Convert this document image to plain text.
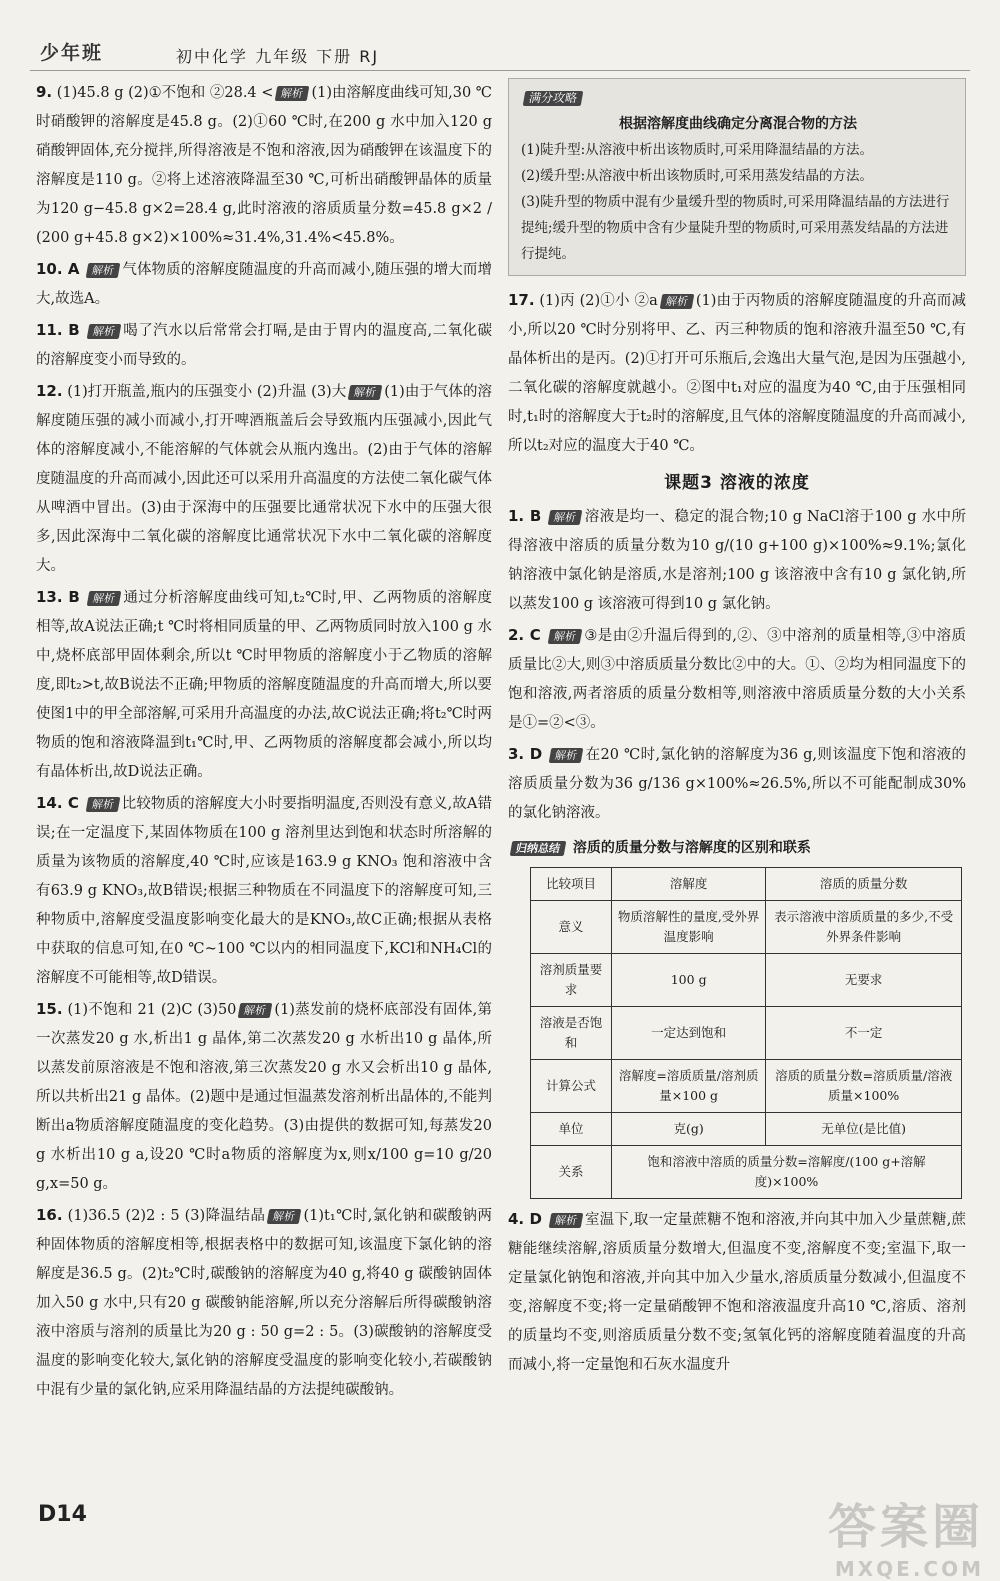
少年班	初中化学 九年级 下册 RJ
9. (1)45.8 g (2)①不饱和 ②28.4 < 解析 (1)由溶解度曲线可知,30 ℃时硝酸钾的溶解度是45.8 g。(2)①60 ℃时,在200 g 水中加入120 g 硝酸钾固体,充分搅拌,所得溶液是不饱和溶液,因为硝酸钾在该温度下的溶解度是110 g。②将上述溶液降温至30 ℃,可析出硝酸钾晶体的质量为120 g−45.8 g×2=28.4 g,此时溶液的溶质质量分数=45.8 g×2 / (200 g+45.8 g×2)×100%≈31.4%,31.4%<45.8%。
10. A 解析 气体物质的溶解度随温度的升高而减小,随压强的增大而增大,故选A。
11. B 解析 喝了汽水以后常常会打嗝,是由于胃内的温度高,二氧化碳的溶解度变小而导致的。
12. (1)打开瓶盖,瓶内的压强变小 (2)升温 (3)大 解析 (1)由于气体的溶解度随压强的减小而减小,打开啤酒瓶盖后会导致瓶内压强减小,因此气体的溶解度减小,不能溶解的气体就会从瓶内逸出。(2)由于气体的溶解度随温度的升高而减小,因此还可以采用升高温度的方法使二氧化碳气体从啤酒中冒出。(3)由于深海中的压强要比通常状况下水中的压强大很多,因此深海中二氧化碳的溶解度比通常状况下水中二氧化碳的溶解度大。
13. B 解析 通过分析溶解度曲线可知,t₂℃时,甲、乙两物质的溶解度相等,故A说法正确;t ℃时将相同质量的甲、乙两物质同时放入100 g 水中,烧杯底部甲固体剩余,所以t ℃时甲物质的溶解度小于乙物质的溶解度,即t₂>t,故B说法不正确;甲物质的溶解度随温度的升高而增大,所以要使图1中的甲全部溶解,可采用升高温度的办法,故C说法正确;将t₂℃时两物质的饱和溶液降温到t₁℃时,甲、乙两物质的溶解度都会减小,所以均有晶体析出,故D说法正确。
14. C 解析 比较物质的溶解度大小时要指明温度,否则没有意义,故A错误;在一定温度下,某固体物质在100 g 溶剂里达到饱和状态时所溶解的质量为该物质的溶解度,40 ℃时,应该是163.9 g KNO₃ 饱和溶液中含有63.9 g KNO₃,故B错误;根据三种物质在不同温度下的溶解度可知,三种物质中,溶解度受温度影响变化最大的是KNO₃,故C正确;根据从表格中获取的信息可知,在0 ℃~100 ℃以内的相同温度下,KCl和NH₄Cl的溶解度不可能相等,故D错误。
15. (1)不饱和 21 (2)C (3)50 解析 (1)蒸发前的烧杯底部没有固体,第一次蒸发20 g 水,析出1 g 晶体,第二次蒸发20 g 水析出10 g 晶体,所以蒸发前原溶液是不饱和溶液,第三次蒸发20 g 水又会析出10 g 晶体,所以共析出21 g 晶体。(2)题中是通过恒温蒸发溶剂析出晶体的,不能判断出a物质溶解度随温度的变化趋势。(3)由提供的数据可知,每蒸发20 g 水析出10 g a,设20 ℃时a物质的溶解度为x,则x/100 g=10 g/20 g,x=50 g。
16. (1)36.5 (2)2 : 5 (3)降温结晶 解析 (1)t₁℃时,氯化钠和碳酸钠两种固体物质的溶解度相等,根据表格中的数据可知,该温度下氯化钠的溶解度是36.5 g。(2)t₂℃时,碳酸钠的溶解度为40 g,将40 g 碳酸钠固体加入50 g 水中,只有20 g 碳酸钠能溶解,所以充分溶解后所得碳酸钠溶液中溶质与溶剂的质量比为20 g : 50 g=2 : 5。(3)碳酸钠的溶解度受温度的影响变化较大,氯化钠的溶解度受温度的影响变化较小,若碳酸钠中混有少量的氯化钠,应采用降温结晶的方法提纯碳酸钠。
满分攻略
根据溶解度曲线确定分离混合物的方法
(1)陡升型:从溶液中析出该物质时,可采用降温结晶的方法。
(2)缓升型:从溶液中析出该物质时,可采用蒸发结晶的方法。
(3)陡升型的物质中混有少量缓升型的物质时,可采用降温结晶的方法进行提纯;缓升型的物质中含有少量陡升型的物质时,可采用蒸发结晶的方法进行提纯。
17. (1)丙 (2)①小 ②a 解析 (1)由于丙物质的溶解度随温度的升高而减小,所以20 ℃时分别将甲、乙、丙三种物质的饱和溶液升温至50 ℃,有晶体析出的是丙。(2)①打开可乐瓶后,会逸出大量气泡,是因为压强越小,二氧化碳的溶解度就越小。②图中t₁对应的温度为40 ℃,由于压强相同时,t₁时的溶解度大于t₂时的溶解度,且气体的溶解度随温度的升高而减小,所以t₂对应的温度大于40 ℃。
课题3 溶液的浓度
1. B 解析 溶液是均一、稳定的混合物;10 g NaCl溶于100 g 水中所得溶液中溶质的质量分数为10 g/(10 g+100 g)×100%≈9.1%;氯化钠溶液中氯化钠是溶质,水是溶剂;100 g 该溶液中含有10 g 氯化钠,所以蒸发100 g 该溶液可得到10 g 氯化钠。
2. C 解析 ③是由②升温后得到的,②、③中溶剂的质量相等,③中溶质质量比②大,则③中溶质质量分数比②中的大。①、②均为相同温度下的饱和溶液,两者溶质的质量分数相等,则溶液中溶质质量分数的大小关系是①=②<③。
3. D 解析 在20 ℃时,氯化钠的溶解度为36 g,则该温度下饱和溶液的溶质质量分数为36 g/136 g×100%≈26.5%,所以不可能配制成30%的氯化钠溶液。
归纳总结 溶质的质量分数与溶解度的区别和联系
比较项目	溶解度	溶质的质量分数
意义	物质溶解性的量度,受外界温度影响	表示溶液中溶质质量的多少,不受外界条件影响
溶剂质量要求	100 g	无要求
溶液是否饱和	一定达到饱和	不一定
计算公式	溶解度=溶质质量/溶剂质量×100 g	溶质的质量分数=溶质质量/溶液质量×100%
单位	克(g)	无单位(是比值)
关系	饱和溶液中溶质的质量分数=溶解度/(100 g+溶解度)×100%	
4. D 解析 室温下,取一定量蔗糖不饱和溶液,并向其中加入少量蔗糖,蔗糖能继续溶解,溶质质量分数增大,但温度不变,溶解度不变;室温下,取一定量氯化钠饱和溶液,并向其中加入少量水,溶质质量分数减小,但温度不变,溶解度不变;将一定量硝酸钾不饱和溶液温度升高10 ℃,溶质、溶剂的质量均不变,则溶质质量分数不变;氢氧化钙的溶解度随着温度的升高而减小,将一定量饱和石灰水温度升
D14	答案圈
MXQE.COM
